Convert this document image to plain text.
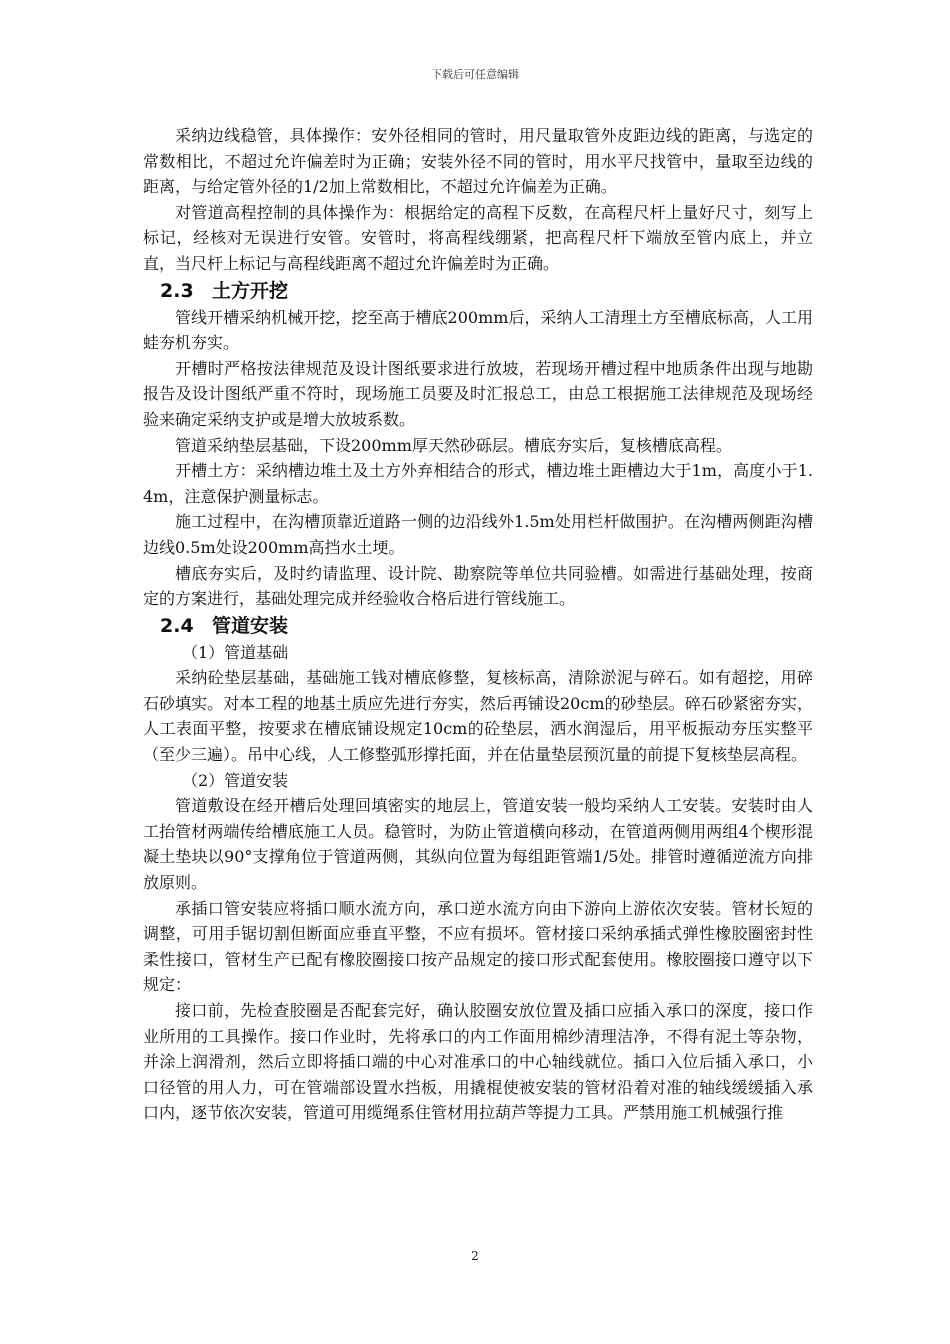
下载后可任意编辑

采纳边线稳管，具体操作：安外径相同的管时，用尺量取管外皮距边线的距离，与选定的常数相比，不超过允许偏差时为正确；安装外径不同的管时，用水平尺找管中，量取至边线的距离，与给定管外径的1/2加上常数相比，不超过允许偏差为正确。

对管道高程控制的具体操作为：根据给定的高程下反数，在高程尺杆上量好尺寸，刻写上标记，经核对无误进行安管。安管时，将高程线绷紧，把高程尺杆下端放至管内底上，并立直，当尺杆上标记与高程线距离不超过允许偏差时为正确。

2.3 土方开挖

管线开槽采纳机械开挖，挖至高于槽底200mm后，采纳人工清理土方至槽底标高，人工用蛙夯机夯实。

开槽时严格按法律规范及设计图纸要求进行放坡，若现场开槽过程中地质条件出现与地勘报告及设计图纸严重不符时，现场施工员要及时汇报总工，由总工根据施工法律规范及现场经验来确定采纳支护或是增大放坡系数。

管道采纳垫层基础，下设200mm厚天然砂砾层。槽底夯实后，复核槽底高程。

开槽土方：采纳槽边堆土及土方外弃相结合的形式，槽边堆土距槽边大于1m，高度小于1.4m，注意保护测量标志。

施工过程中，在沟槽顶靠近道路一侧的边沿线外1.5m处用栏杆做围护。在沟槽两侧距沟槽边线0.5m处设200mm高挡水土埂。

槽底夯实后，及时约请监理、设计院、勘察院等单位共同验槽。如需进行基础处理，按商定的方案进行，基础处理完成并经验收合格后进行管线施工。

2.4 管道安装
（1）管道基础

采纳砼垫层基础，基础施工钱对槽底修整，复核标高，清除淤泥与碎石。如有超挖，用碎石砂填实。对本工程的地基土质应先进行夯实，然后再铺设20cm的砂垫层。碎石砂紧密夯实，人工表面平整，按要求在槽底铺设规定10cm的砼垫层，洒水润湿后，用平板振动夯压实整平（至少三遍）。吊中心线，人工修整弧形撑托面，并在估量垫层预沉量的前提下复核垫层高程。

（2）管道安装

管道敷设在经开槽后处理回填密实的地层上，管道安装一般均采纳人工安装。安装时由人工抬管材两端传给槽底施工人员。稳管时，为防止管道横向移动，在管道两侧用两组4个楔形混凝土垫块以90°支撑角位于管道两侧，其纵向位置为每组距管端1/5处。排管时遵循逆流方向排放原则。

承插口管安装应将插口顺水流方向，承口逆水流方向由下游向上游依次安装。管材长短的调整，可用手锯切割但断面应垂直平整，不应有损坏。管材接口采纳承插式弹性橡胶圈密封性柔性接口，管材生产已配有橡胶圈接口按产品规定的接口形式配套使用。橡胶圈接口遵守以下规定：

接口前，先检查胶圈是否配套完好，确认胶圈安放位置及插口应插入承口的深度，接口作业所用的工具操作。接口作业时，先将承口的内工作面用棉纱清理洁净，不得有泥土等杂物，并涂上润滑剂，然后立即将插口端的中心对准承口的中心轴线就位。插口入位后插入承口，小口径管的用人力，可在管端部设置水挡板，用撬棍使被安装的管材沿着对准的轴线缓缓插入承口内，逐节依次安装，管道可用缆绳系住管材用拉葫芦等提力工具。严禁用施工机械强行推

2
